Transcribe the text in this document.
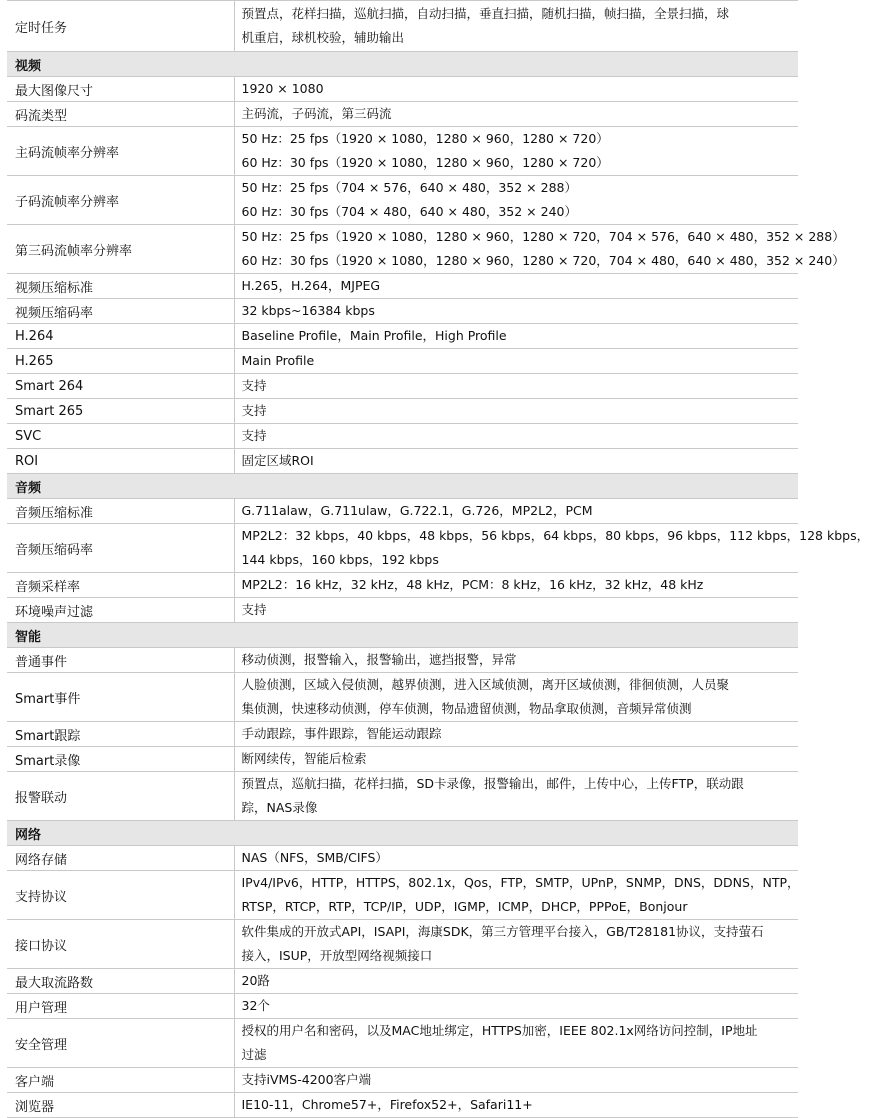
定时任务	预置点，花样扫描，巡航扫描，自动扫描，垂直扫描，随机扫描，帧扫描，全景扫描，球
机重启，球机校验，辅助输出

视频	
最大图像尺寸	1920 × 1080

码流类型	主码流，子码流，第三码流

主码流帧率分辨率	50 Hz：25 fps（1920 × 1080，1280 × 960，1280 × 720）
60 Hz：30 fps（1920 × 1080，1280 × 960，1280 × 720）

子码流帧率分辨率	50 Hz：25 fps（704 × 576，640 × 480，352 × 288）
60 Hz：30 fps（704 × 480，640 × 480，352 × 240）

第三码流帧率分辨率	50 Hz：25 fps（1920 × 1080，1280 × 960，1280 × 720，704 × 576，640 × 480，352 × 288）
60 Hz：30 fps（1920 × 1080，1280 × 960，1280 × 720，704 × 480，640 × 480，352 × 240）

视频压缩标准	H.265，H.264，MJPEG

视频压缩码率	32 kbps~16384 kbps

H.264	Baseline Profile，Main Profile，High Profile

H.265	Main Profile

Smart 264	支持

Smart 265	支持

SVC	支持

ROI	固定区域ROI

音频	
音频压缩标准	G.711alaw，G.711ulaw，G.722.1，G.726，MP2L2，PCM

音频压缩码率	MP2L2：32 kbps，40 kbps，48 kbps，56 kbps，64 kbps，80 kbps，96 kbps，112 kbps，128 kbps，
144 kbps，160 kbps，192 kbps

音频采样率	MP2L2：16 kHz，32 kHz，48 kHz，PCM：8 kHz，16 kHz，32 kHz，48 kHz

环境噪声过滤	支持

智能	
普通事件	移动侦测，报警输入，报警输出，遮挡报警，异常

Smart事件	人脸侦测，区域入侵侦测，越界侦测，进入区域侦测，离开区域侦测，徘徊侦测，人员聚
集侦测，快速移动侦测，停车侦测，物品遗留侦测，物品拿取侦测，音频异常侦测

Smart跟踪	手动跟踪，事件跟踪，智能运动跟踪

Smart录像	断网续传，智能后检索

报警联动	预置点，巡航扫描，花样扫描，SD卡录像，报警输出，邮件，上传中心，上传FTP，联动跟
踪，NAS录像

网络	
网络存储	NAS（NFS，SMB/CIFS）

支持协议	IPv4/IPv6，HTTP，HTTPS，802.1x，Qos，FTP，SMTP，UPnP，SNMP，DNS，DDNS，NTP，
RTSP，RTCP，RTP，TCP/IP，UDP，IGMP，ICMP，DHCP，PPPoE，Bonjour

接口协议	软件集成的开放式API，ISAPI，海康SDK，第三方管理平台接入，GB/T28181协议，支持萤石
接入，ISUP，开放型网络视频接口

最大取流路数	20路

用户管理	32个

安全管理	授权的用户名和密码，以及MAC地址绑定，HTTPS加密，IEEE 802.1x网络访问控制，IP地址
过滤

客户端	支持iVMS-4200客户端

浏览器	IE10-11，Chrome57+，Firefox52+，Safari11+
